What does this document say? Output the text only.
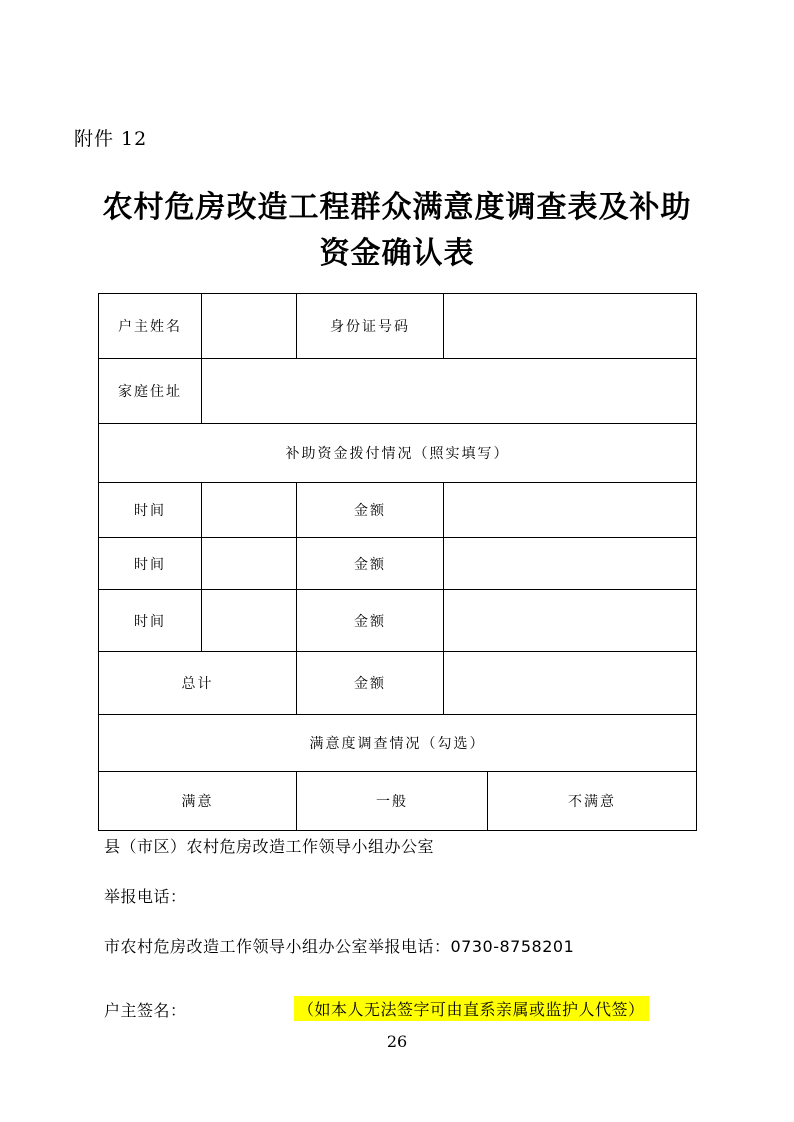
附件 12
农村危房改造工程群众满意度调查表及补助
资金确认表
户主姓名		身份证号码		
家庭住址				
补助资金拨付情况（照实填写）				
时间		金额		
时间		金额		
时间		金额		
总计		金额		
满意度调查情况（勾选）				
满意		一般		不满意
县（市区）农村危房改造工作领导小组办公室
举报电话：
市农村危房改造工作领导小组办公室举报电话：0730-8758201
户主签名：	（如本人无法签字可由直系亲属或监护人代签）
26
